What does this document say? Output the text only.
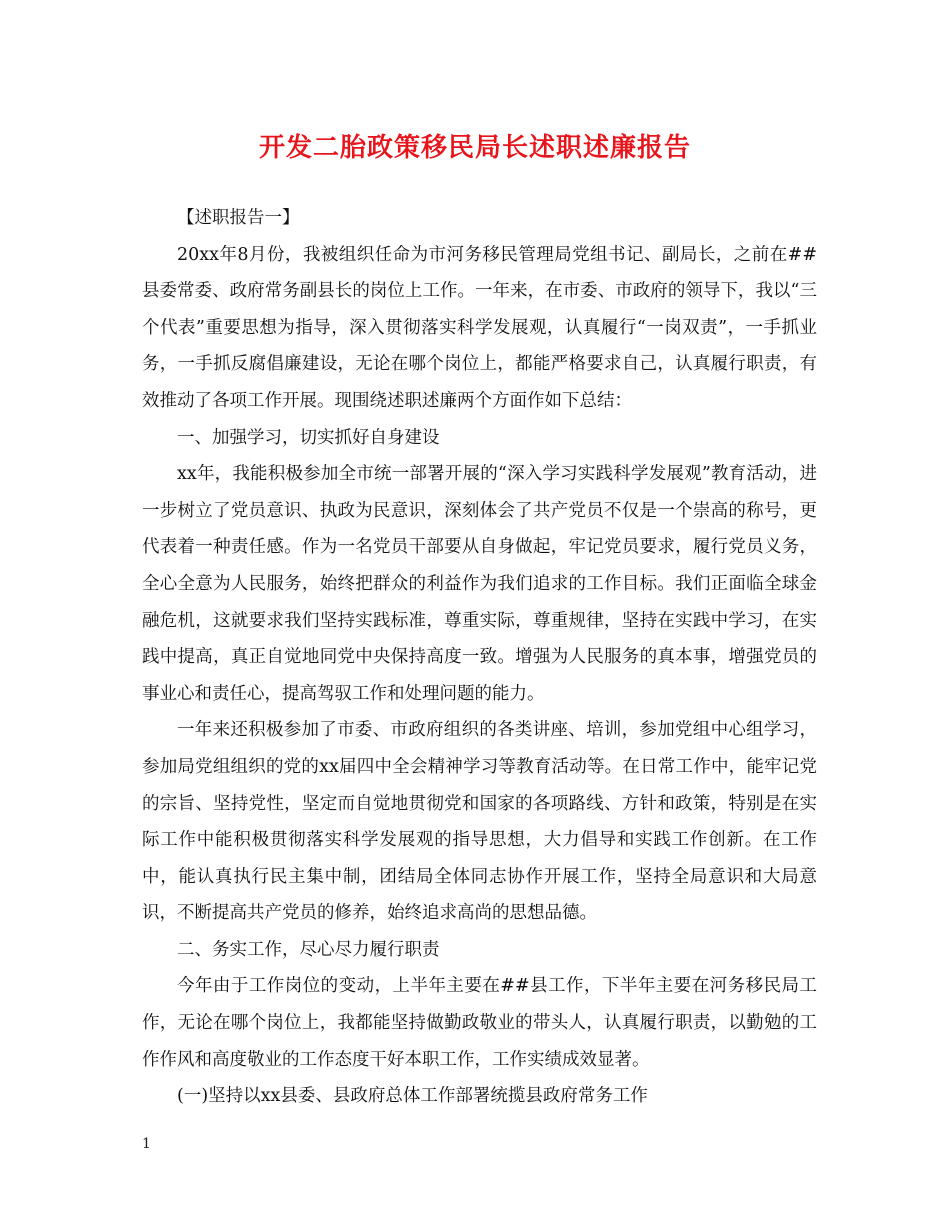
开发二胎政策移民局长述职述廉报告

【述职报告一】

20xx年8月份，我被组织任命为市河务移民管理局党组书记、副局长，之前在##县委常委、政府常务副县长的岗位上工作。一年来，在市委、市政府的领导下，我以“三个代表”重要思想为指导，深入贯彻落实科学发展观，认真履行“一岗双责”，一手抓业务，一手抓反腐倡廉建设，无论在哪个岗位上，都能严格要求自己，认真履行职责，有效推动了各项工作开展。现围绕述职述廉两个方面作如下总结：

一、加强学习，切实抓好自身建设

xx年，我能积极参加全市统一部署开展的“深入学习实践科学发展观”教育活动，进一步树立了党员意识、执政为民意识，深刻体会了共产党员不仅是一个崇高的称号，更代表着一种责任感。作为一名党员干部要从自身做起，牢记党员要求，履行党员义务，全心全意为人民服务，始终把群众的利益作为我们追求的工作目标。我们正面临全球金融危机，这就要求我们坚持实践标准，尊重实际，尊重规律，坚持在实践中学习，在实践中提高，真正自觉地同党中央保持高度一致。增强为人民服务的真本事，增强党员的事业心和责任心，提高驾驭工作和处理问题的能力。

一年来还积极参加了市委、市政府组织的各类讲座、培训，参加党组中心组学习，参加局党组组织的党的xx届四中全会精神学习等教育活动等。在日常工作中，能牢记党的宗旨、坚持党性，坚定而自觉地贯彻党和国家的各项路线、方针和政策，特别是在实际工作中能积极贯彻落实科学发展观的指导思想，大力倡导和实践工作创新。在工作中，能认真执行民主集中制，团结局全体同志协作开展工作，坚持全局意识和大局意识，不断提高共产党员的修养，始终追求高尚的思想品德。

二、务实工作，尽心尽力履行职责

今年由于工作岗位的变动，上半年主要在##县工作，下半年主要在河务移民局工作，无论在哪个岗位上，我都能坚持做勤政敬业的带头人，认真履行职责，以勤勉的工作作风和高度敬业的工作态度干好本职工作，工作实绩成效显著。

(一)坚持以xx县委、县政府总体工作部署统揽县政府常务工作

1
